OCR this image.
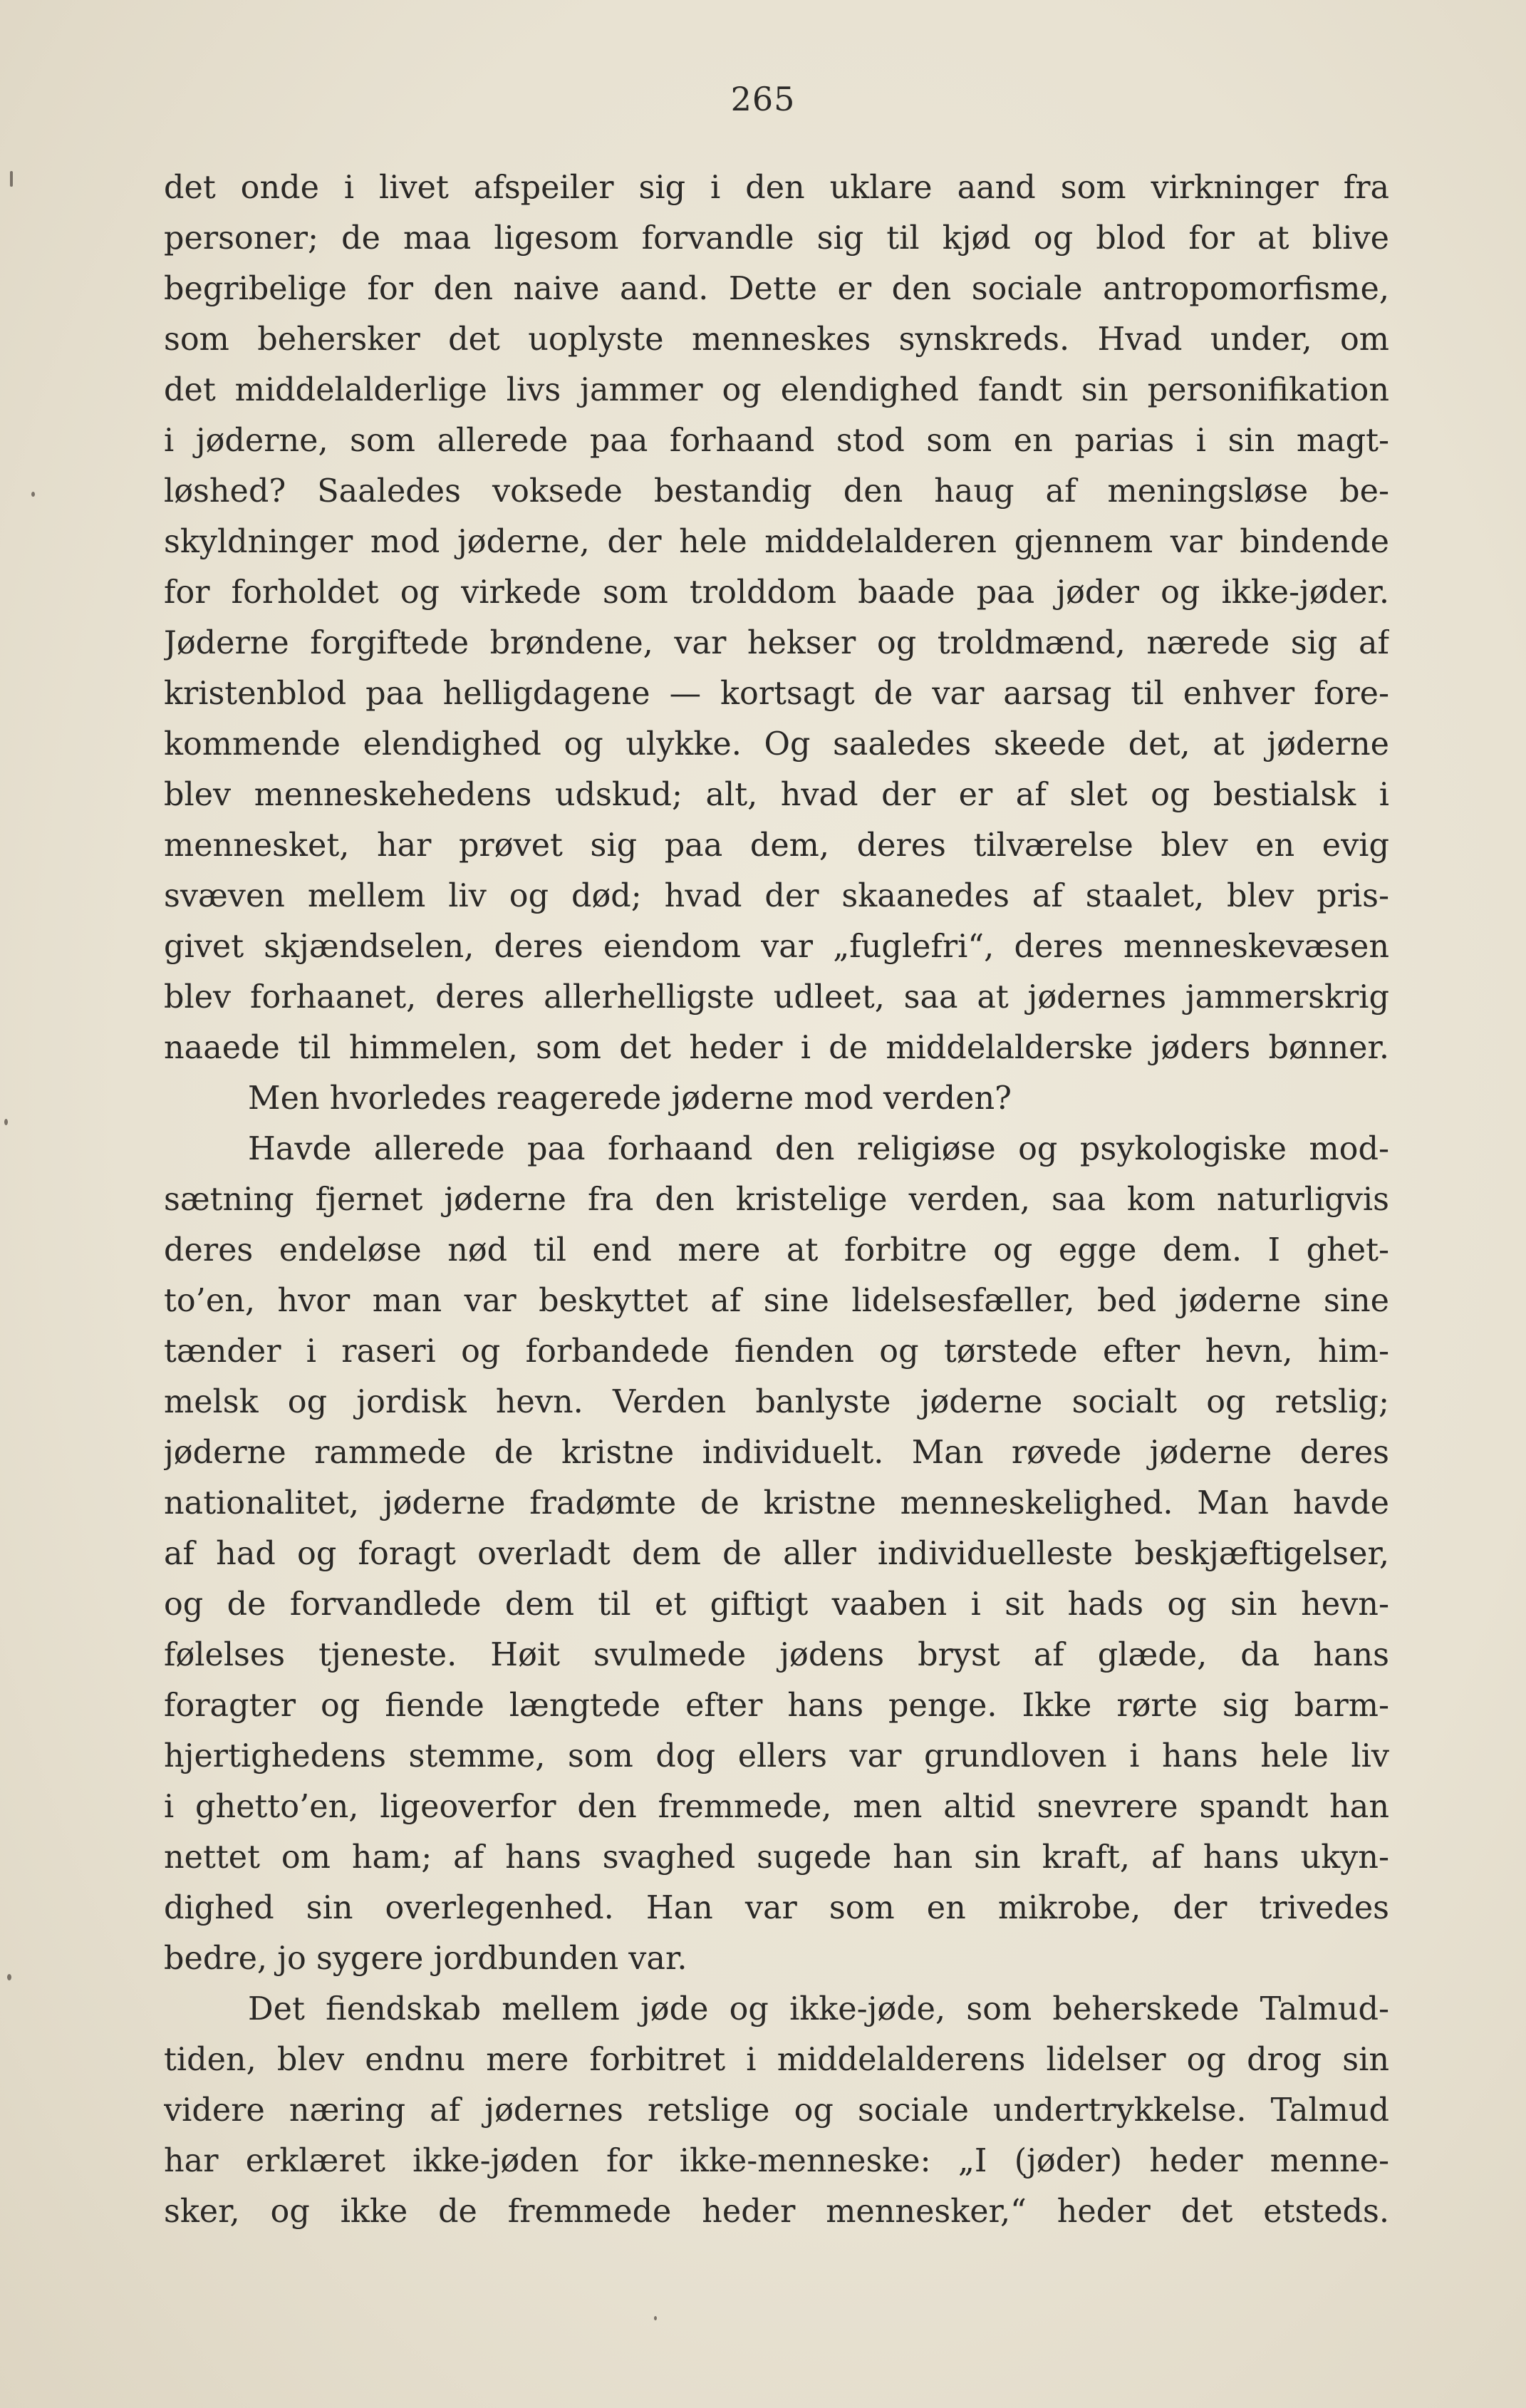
265
det onde i livet afspeiler sig i den uklare aand som virkninger fra
personer; de maa ligesom forvandle sig til kjød og blod for at blive
begribelige for den naive aand. Dette er den sociale antropomorfisme,
som behersker det uoplyste menneskes synskreds. Hvad under, om
det middelalderlige livs jammer og elendighed fandt sin personifikation
i jøderne, som allerede paa forhaand stod som en parias i sin magt-
løshed? Saaledes voksede bestandig den haug af meningsløse be-
skyldninger mod jøderne, der hele middelalderen gjennem var bindende
for forholdet og virkede som trolddom baade paa jøder og ikke-jøder.
Jøderne forgiftede brøndene, var hekser og troldmænd, nærede sig af
kristenblod paa helligdagene — kortsagt de var aarsag til enhver fore-
kommende elendighed og ulykke. Og saaledes skeede det, at jøderne
blev menneskehedens udskud; alt, hvad der er af slet og bestialsk i
mennesket, har prøvet sig paa dem, deres tilværelse blev en evig
svæven mellem liv og død; hvad der skaanedes af staalet, blev pris-
givet skjændselen, deres eiendom var „fuglefri“, deres menneskevæsen
blev forhaanet, deres allerhelligste udleet, saa at jødernes jammerskrig
naaede til himmelen, som det heder i de middelalderske jøders bønner.
Men hvorledes reagerede jøderne mod verden?
Havde allerede paa forhaand den religiøse og psykologiske mod-
sætning fjernet jøderne fra den kristelige verden, saa kom naturligvis
deres endeløse nød til end mere at forbitre og egge dem. I ghet-
to’en, hvor man var beskyttet af sine lidelsesfæller, bed jøderne sine
tænder i raseri og forbandede fienden og tørstede efter hevn, him-
melsk og jordisk hevn. Verden banlyste jøderne socialt og retslig;
jøderne rammede de kristne individuelt. Man røvede jøderne deres
nationalitet, jøderne fradømte de kristne menneskelighed. Man havde
af had og foragt overladt dem de aller individuelleste beskjæftigelser,
og de forvandlede dem til et giftigt vaaben i sit hads og sin hevn-
følelses tjeneste. Høit svulmede jødens bryst af glæde, da hans
foragter og fiende længtede efter hans penge. Ikke rørte sig barm-
hjertighedens stemme, som dog ellers var grundloven i hans hele liv
i ghetto’en, ligeoverfor den fremmede, men altid snevrere spandt han
nettet om ham; af hans svaghed sugede han sin kraft, af hans ukyn-
dighed sin overlegenhed. Han var som en mikrobe, der trivedes
bedre, jo sygere jordbunden var.
Det fiendskab mellem jøde og ikke-jøde, som beherskede Talmud-
tiden, blev endnu mere forbitret i middelalderens lidelser og drog sin
videre næring af jødernes retslige og sociale undertrykkelse. Talmud
har erklæret ikke-jøden for ikke-menneske: „I (jøder) heder menne-
sker, og ikke de fremmede heder mennesker,“ heder det etsteds.
